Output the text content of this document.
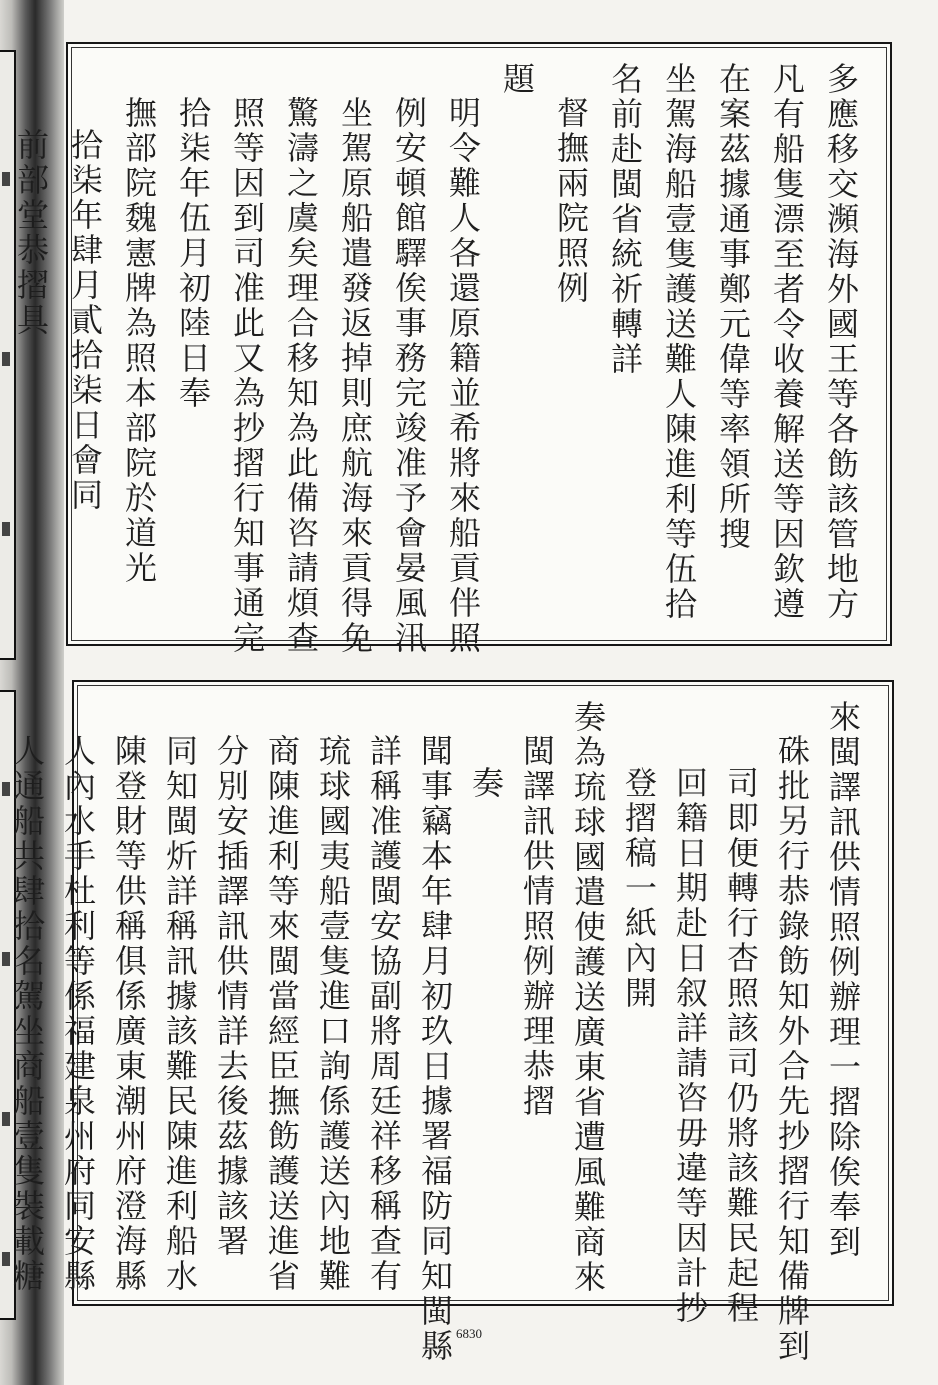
多應移交瀕海外國王等各飭該管地方
凡有船隻漂至者令收養解送等因欽遵
在案茲據通事鄭元偉等率領所搜
坐駕海船壹隻護送難人陳進利等伍拾
名前赴閩省統祈轉詳
督撫兩院照例
題
明令難人各還原籍並希將來船貢伴照
例安頓館驛俟事務完竣准予會晏風汛
坐駕原船遣發返掉則庶航海來貢得免
驚濤之虞矣理合移知為此備咨請煩查
照等因到司准此又為抄摺行知事通完
拾柒年伍月初陸日奉
撫部院魏憲牌為照本部院於道光
拾柒年肆月貳拾柒日會同
前部堂恭摺具
來閩譯訊供情照例辦理一摺除俟奉到
硃批另行恭錄飭知外合先抄摺行知備牌到
司即便轉行杏照該司仍將該難民起程
回籍日期赴日叙詳請咨毋違等因計抄
登摺稿一紙內開
奏為琉球國遣使護送廣東省遭風難商來
閩譯訊供情照例辦理恭摺
奏
聞事竊本年肆月初玖日據署福防同知閩縣
詳稱准護閩安協副將周廷祥移稱查有
琉球國夷船壹隻進口詢係護送內地難
商陳進利等來閩當經臣撫飭護送進省
分別安插譯訊供情詳去後茲據該署
同知閩炘詳稱訊據該難民陳進利船水
陳登財等供稱俱係廣東潮州府澄海縣
人內水手杜利等係福建泉州府同安縣
人通船共肆拾名駕坐商船壹隻裝載糖
6830
